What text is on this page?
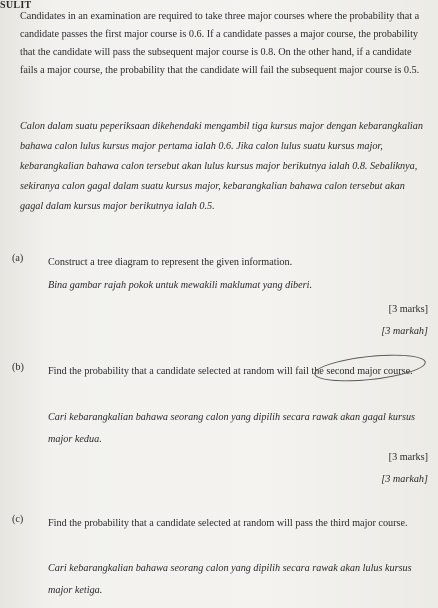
SULIT
Candidates in an examination are required to take three major courses where the probability that a candidate passes the first major course is 0.6. If a candidate passes a major course, the probability that the candidate will pass the subsequent major course is 0.8. On the other hand, if a candidate fails a major course, the probability that the candidate will fail the subsequent major course is 0.5.
Calon dalam suatu peperiksaan dikehendaki mengambil tiga kursus major dengan kebarangkalian bahawa calon lulus kursus major pertama ialah 0.6. Jika calon lulus suatu kursus major, kebarangkalian bahawa calon tersebut akan lulus kursus major berikutnya ialah 0.8. Sebaliknya, sekiranya calon gagal dalam suatu kursus major, kebarangkalian bahawa calon tersebut akan gagal dalam kursus major berikutnya ialah 0.5.
(a) Construct a tree diagram to represent the given information.
Bina gambar rajah pokok untuk mewakili maklumat yang diberi.
[3 marks]
[3 markah]
(b) Find the probability that a candidate selected at random will fail the second major course.
Cari kebarangkalian bahawa seorang calon yang dipilih secara rawak akan gagal kursus major kedua.
[3 marks]
[3 markah]
(c) Find the probability that a candidate selected at random will pass the third major course.
Cari kebarangkalian bahawa seorang calon yang dipilih secara rawak akan lulus kursus major ketiga.
